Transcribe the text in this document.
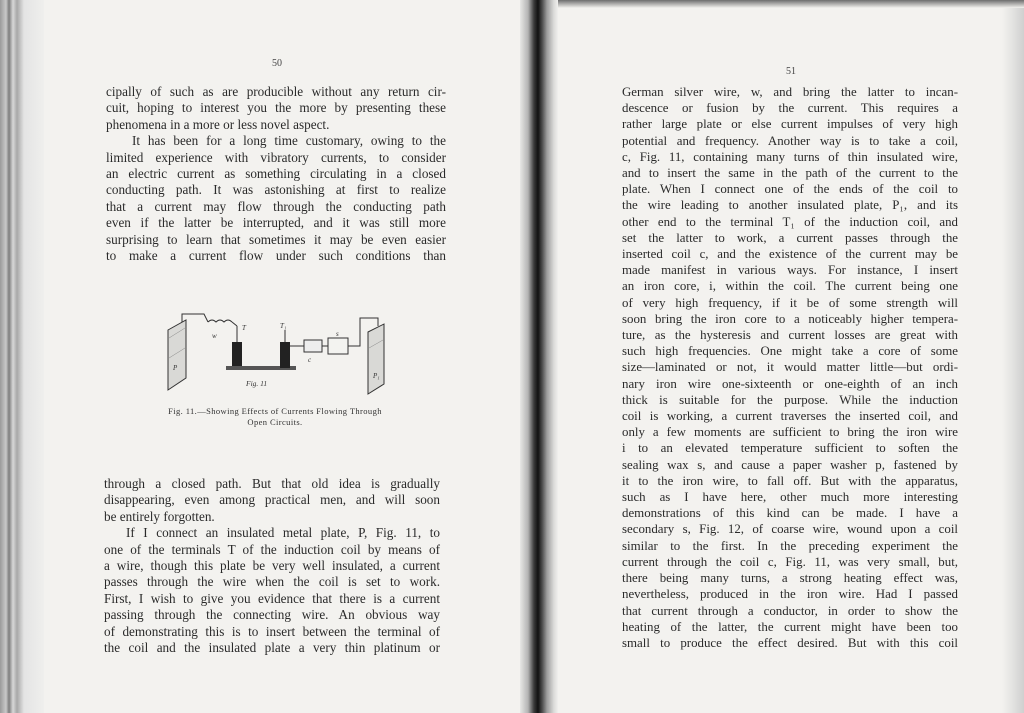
50
cipally of such as are producible without any return cir-
cuit, hoping to interest you the more by presenting these
phenomena in a more or less novel aspect.
It has been for a long time customary, owing to the
limited experience with vibratory currents, to consider
an electric current as something circulating in a closed
conducting path. It was astonishing at first to realize
that a current may flow through the conducting path
even if the latter be interrupted, and it was still more
surprising to learn that sometimes it may be even easier
to make a current flow under such conditions than
w
T	T₁
c
s
P₁
P
Fig. 11
Fig. 11.—Showing Effects of Currents Flowing Through
Open Circuits.
through a closed path. But that old idea is gradually
disappearing, even among practical men, and will soon
be entirely forgotten.
If I connect an insulated metal plate, P, Fig. 11, to
one of the terminals T of the induction coil by means of
a wire, though this plate be very well insulated, a current
passes through the wire when the coil is set to work.
First, I wish to give you evidence that there is a current
passing through the connecting wire. An obvious way
of demonstrating this is to insert between the terminal of
the coil and the insulated plate a very thin platinum or
51
German silver wire, w, and bring the latter to incan-
descence or fusion by the current. This requires a
rather large plate or else current impulses of very high
potential and frequency. Another way is to take a coil,
c, Fig. 11, containing many turns of thin insulated wire,
and to insert the same in the path of the current to the
plate. When I connect one of the ends of the coil to
the wire leading to another insulated plate, P₁, and its
other end to the terminal T₁ of the induction coil, and
set the latter to work, a current passes through the
inserted coil c, and the existence of the current may be
made manifest in various ways. For instance, I insert
an iron core, i, within the coil. The current being one
of very high frequency, if it be of some strength will
soon bring the iron core to a noticeably higher tempera-
ture, as the hysteresis and current losses are great with
such high frequencies. One might take a core of some
size—laminated or not, it would matter little—but ordi-
nary iron wire one-sixteenth or one-eighth of an inch
thick is suitable for the purpose. While the induction
coil is working, a current traverses the inserted coil, and
only a few moments are sufficient to bring the iron wire
i to an elevated temperature sufficient to soften the
sealing wax s, and cause a paper washer p, fastened by
it to the iron wire, to fall off. But with the apparatus,
such as I have here, other much more interesting
demonstrations of this kind can be made. I have a
secondary s, Fig. 12, of coarse wire, wound upon a coil
similar to the first. In the preceding experiment the
current through the coil c, Fig. 11, was very small, but,
there being many turns, a strong heating effect was,
nevertheless, produced in the iron wire. Had I passed
that current through a conductor, in order to show the
heating of the latter, the current might have been too
small to produce the effect desired. But with this coil
